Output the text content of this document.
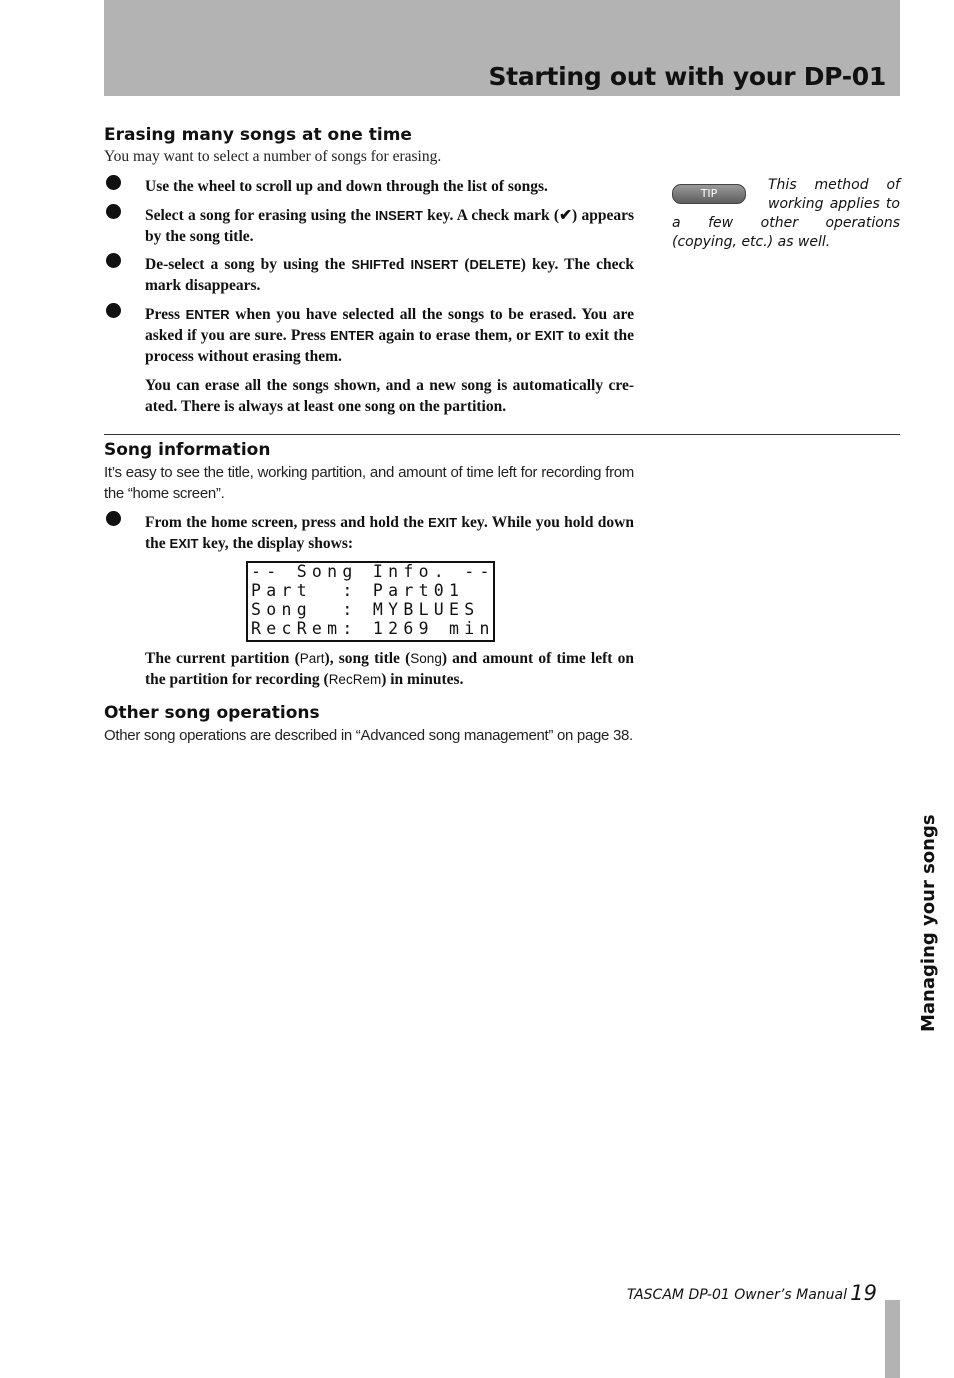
Starting out with your DP-01
Erasing many songs at one time
You may want to select a number of songs for erasing.
Use the wheel to scroll up and down through the list of songs.
Select a song for erasing using the INSERT key. A check mark (✔) appears by the song title.
De-select a song by using the SHIFTed INSERT (DELETE) key. The check mark disappears.
Press ENTER when you have selected all the songs to be erased. You are asked if you are sure. Press ENTER again to erase them, or EXIT to exit the process without erasing them.
You can erase all the songs shown, and a new song is automatically cre-ated. There is always at least one song on the partition.
This method of working applies to a few other operations (copying, etc.) as well.
TIP
Song information
It’s easy to see the title, working partition, and amount of time left for recording from the “home screen”.
From the home screen, press and hold the EXIT key. While you hold down the EXIT key, the display shows:
-- Song Info. --
Part  : Part01
Song  : MYBLUES
RecRem: 1269 min
The current partition (Part), song title (Song) and amount of time left on the partition for recording (RecRem) in minutes.
Other song operations
Other song operations are described in “Advanced song management” on page 38.
Managing your songs
TASCAM DP-01 Owner’s Manual 19
